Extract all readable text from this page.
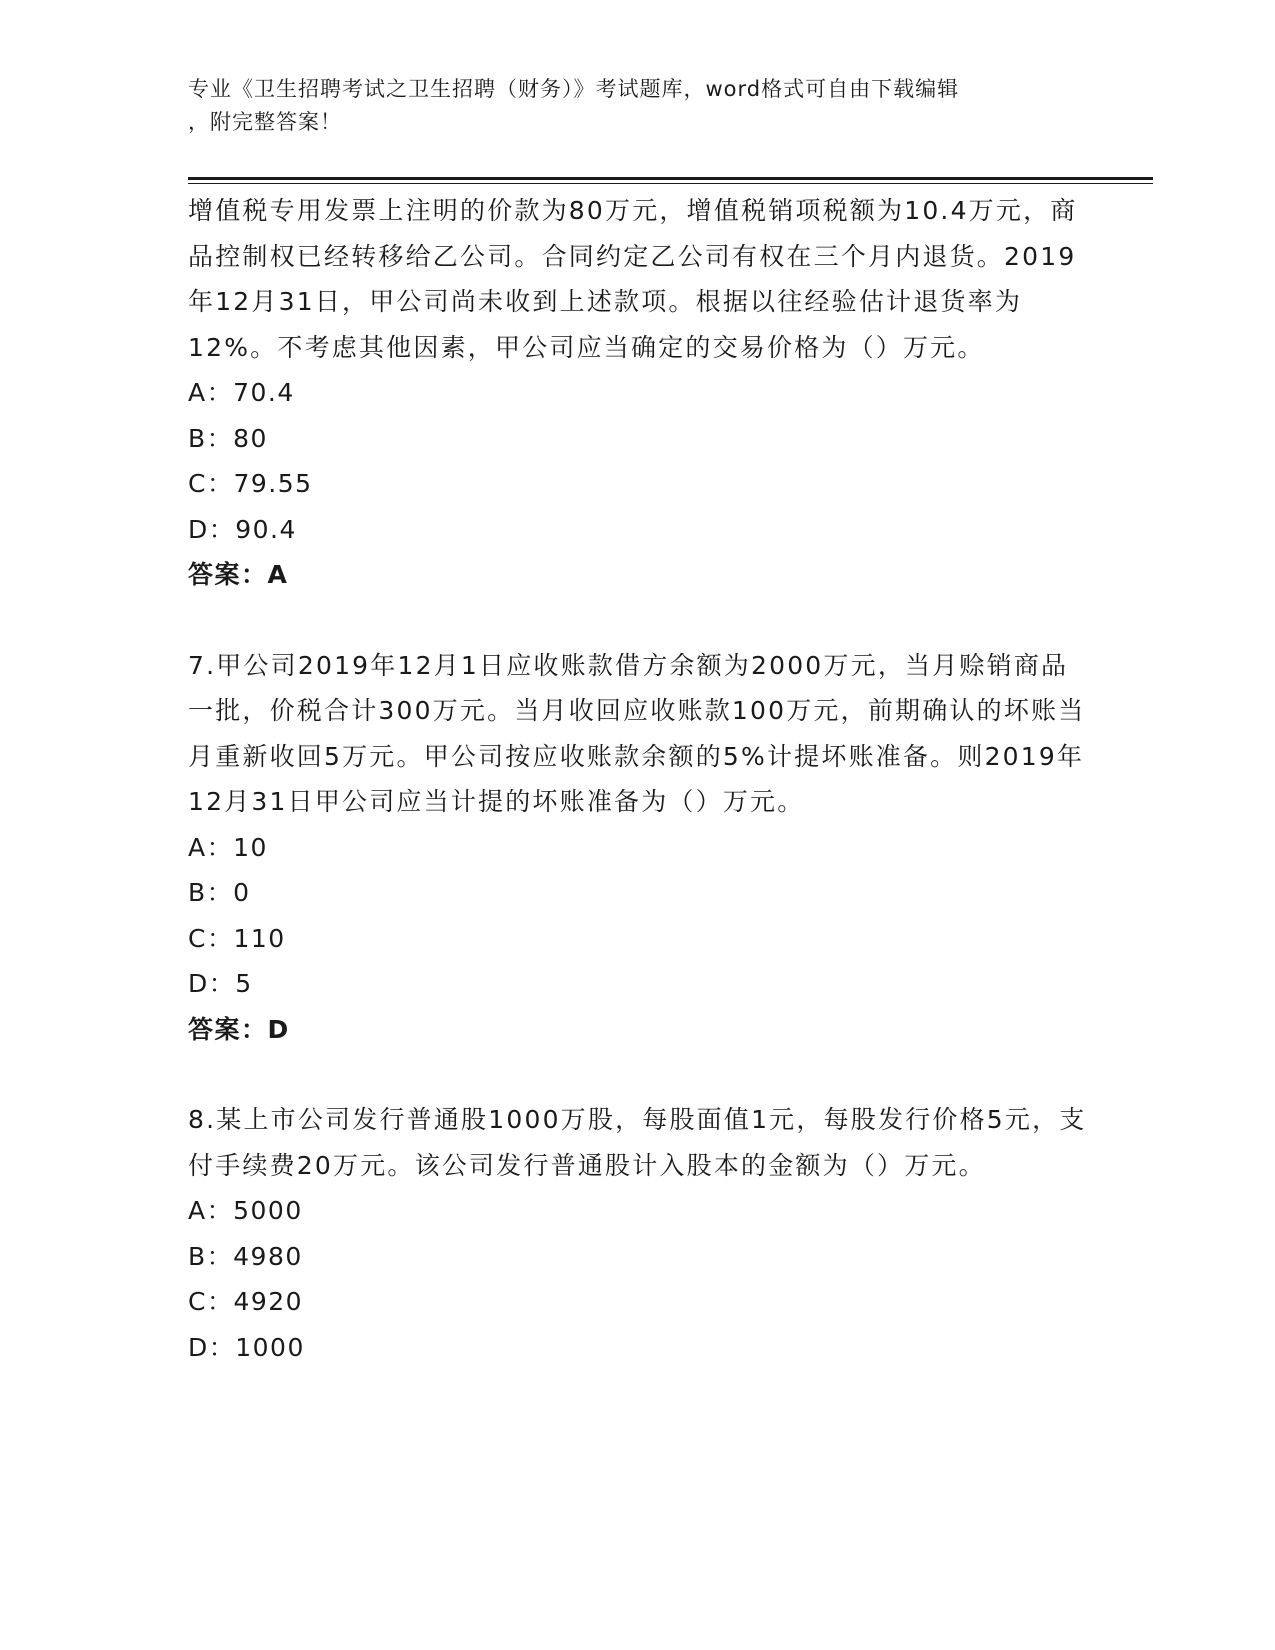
专业《卫生招聘考试之卫生招聘（财务）》考试题库，word格式可自由下载编辑
，附完整答案！

增值税专用发票上注明的价款为80万元，增值税销项税额为10.4万元，商品控制权已经转移给乙公司。合同约定乙公司有权在三个月内退货。2019年12月31日，甲公司尚未收到上述款项。根据以往经验估计退货率为12%。不考虑其他因素，甲公司应当确定的交易价格为（）万元。

A：70.4

B：80

C：79.55

D：90.4

答案：A

7.甲公司2019年12月1日应收账款借方余额为2000万元，当月赊销商品一批，价税合计300万元。当月收回应收账款100万元，前期确认的坏账当月重新收回5万元。甲公司按应收账款余额的5%计提坏账准备。则2019年12月31日甲公司应当计提的坏账准备为（）万元。

A：10

B：0

C：110

D：5

答案：D

8.某上市公司发行普通股1000万股，每股面值1元，每股发行价格5元，支付手续费20万元。该公司发行普通股计入股本的金额为（）万元。

A：5000

B：4980

C：4920

D：1000
